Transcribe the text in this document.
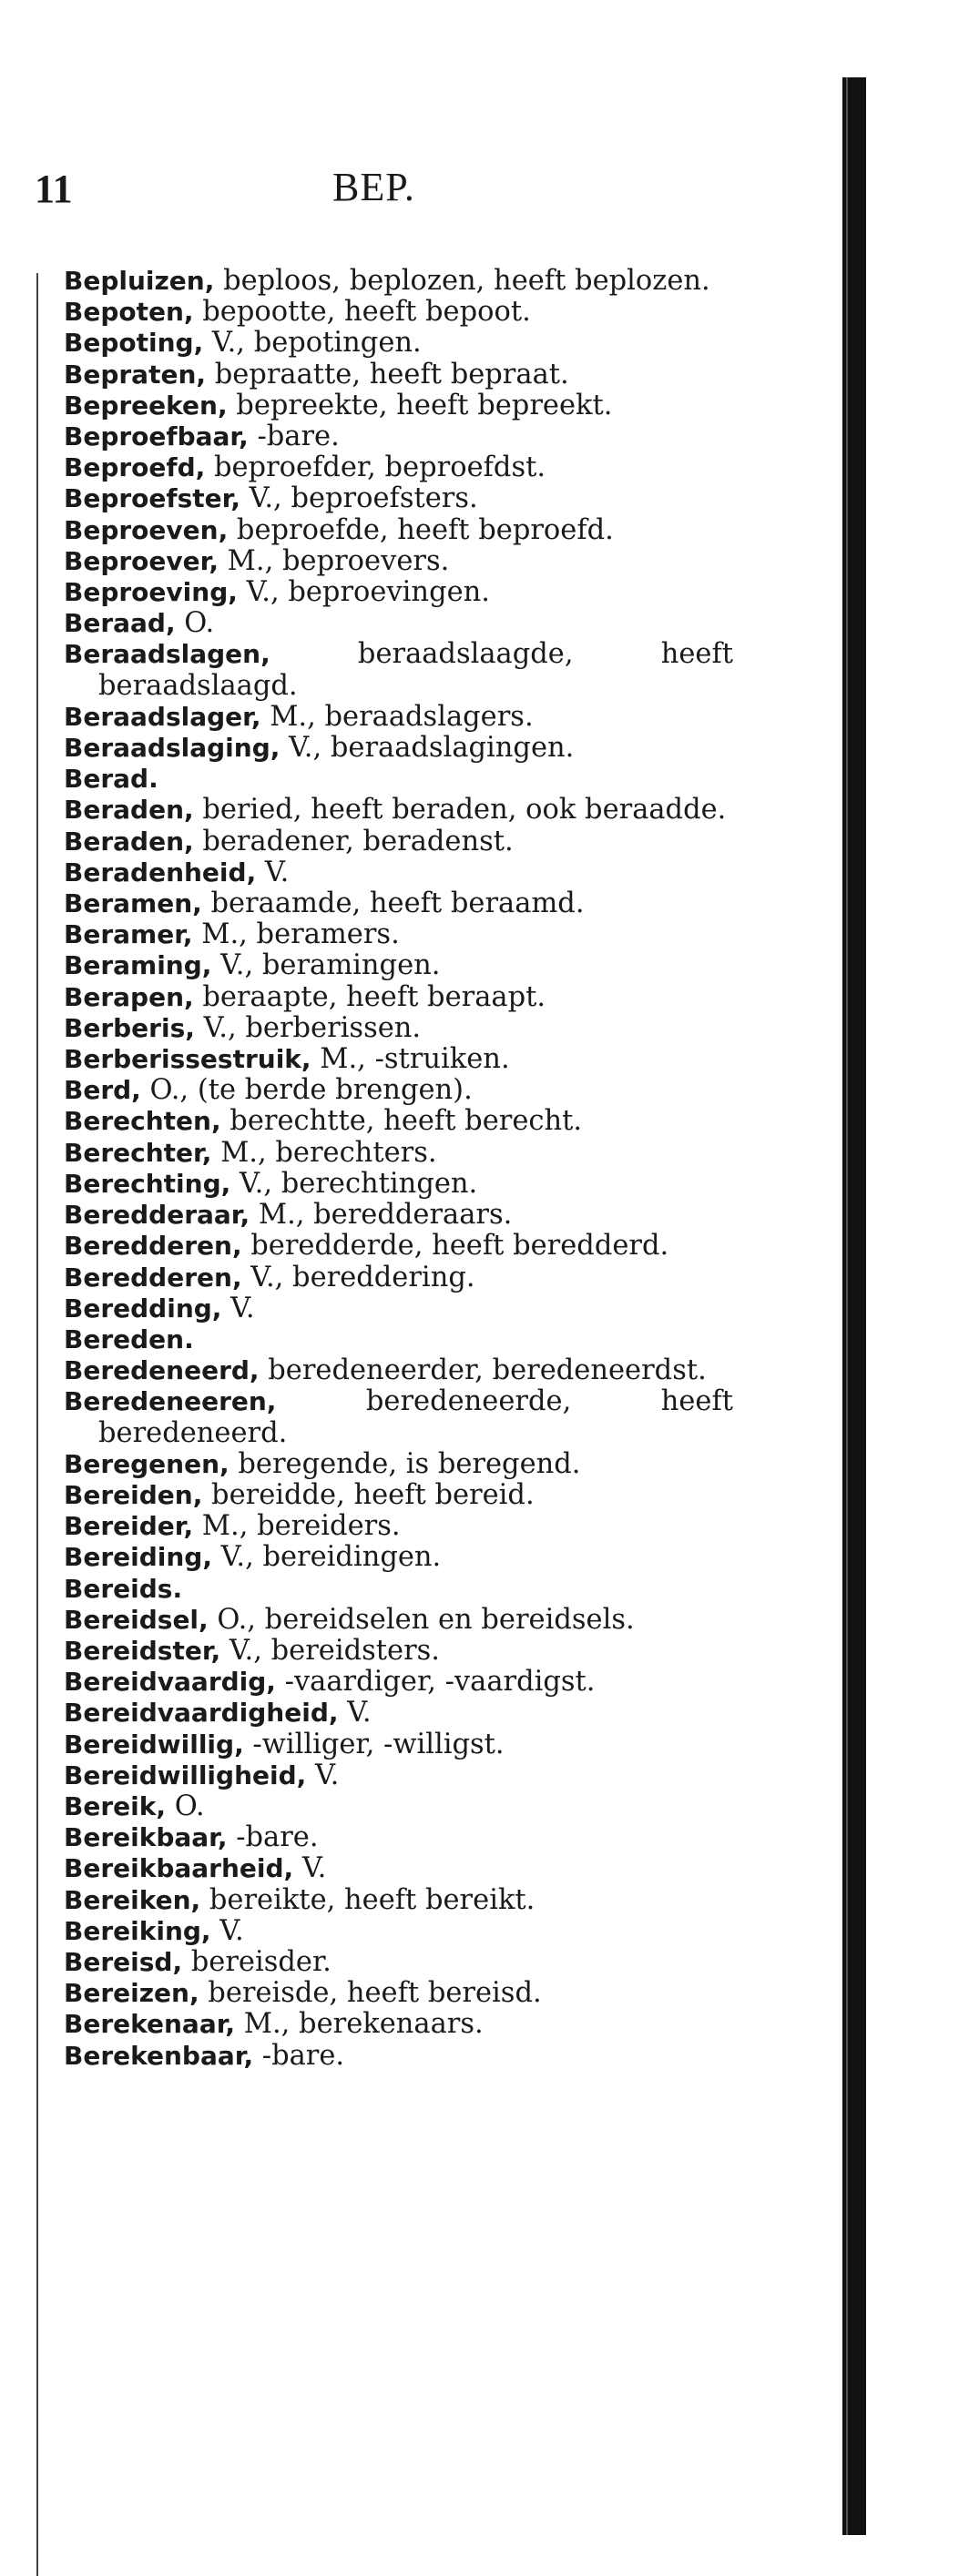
11	BEP.
Bepluizen, beploos, beplozen, heeft beplozen.
Bepoten, bepootte, heeft bepoot.
Bepoting, V., bepotingen.
Bepraten, bepraatte, heeft bepraat.
Bepreeken, bepreekte, heeft bepreekt.
Beproefbaar, -bare.
Beproefd, beproefder, beproefdst.
Beproefster, V., beproefsters.
Beproeven, beproefde, heeft beproefd.
Beproever, M., beproevers.
Beproeving, V., beproevingen.
Beraad, O.
Beraadslagen, beraadslaagde, heeft beraadslaagd.
Beraadslager, M., beraadslagers.
Beraadslaging, V., beraadslagingen.
Berad.
Beraden, beried, heeft beraden, ook beraadde.
Beraden, beradener, beradenst.
Beradenheid, V.
Beramen, beraamde, heeft beraamd.
Beramer, M., beramers.
Beraming, V., beramingen.
Berapen, beraapte, heeft beraapt.
Berberis, V., berberissen.
Berberissestruik, M., -struiken.
Berd, O., (te berde brengen).
Berechten, berechtte, heeft berecht.
Berechter, M., berechters.
Berechting, V., berechtingen.
Beredderaar, M., beredderaars.
Beredderen, beredderde, heeft beredderd.
Beredderen, V., bereddering.
Beredding, V.
Bereden.
Beredeneerd, beredeneerder, beredeneerdst.
Beredeneeren, beredeneerde, heeft beredeneerd.
Beregenen, beregende, is beregend.
Bereiden, bereidde, heeft bereid.
Bereider, M., bereiders.
Bereiding, V., bereidingen.
Bereids.
Bereidsel, O., bereidselen en bereidsels.
Bereidster, V., bereidsters.
Bereidvaardig, -vaardiger, -vaardigst.
Bereidvaardigheid, V.
Bereidwillig, -williger, -willigst.
Bereidwilligheid, V.
Bereik, O.
Bereikbaar, -bare.
Bereikbaarheid, V.
Bereiken, bereikte, heeft bereikt.
Bereiking, V.
Bereisd, bereisder.
Bereizen, bereisde, heeft bereisd.
Berekenaar, M., berekenaars.
Berekenbaar, -bare.
